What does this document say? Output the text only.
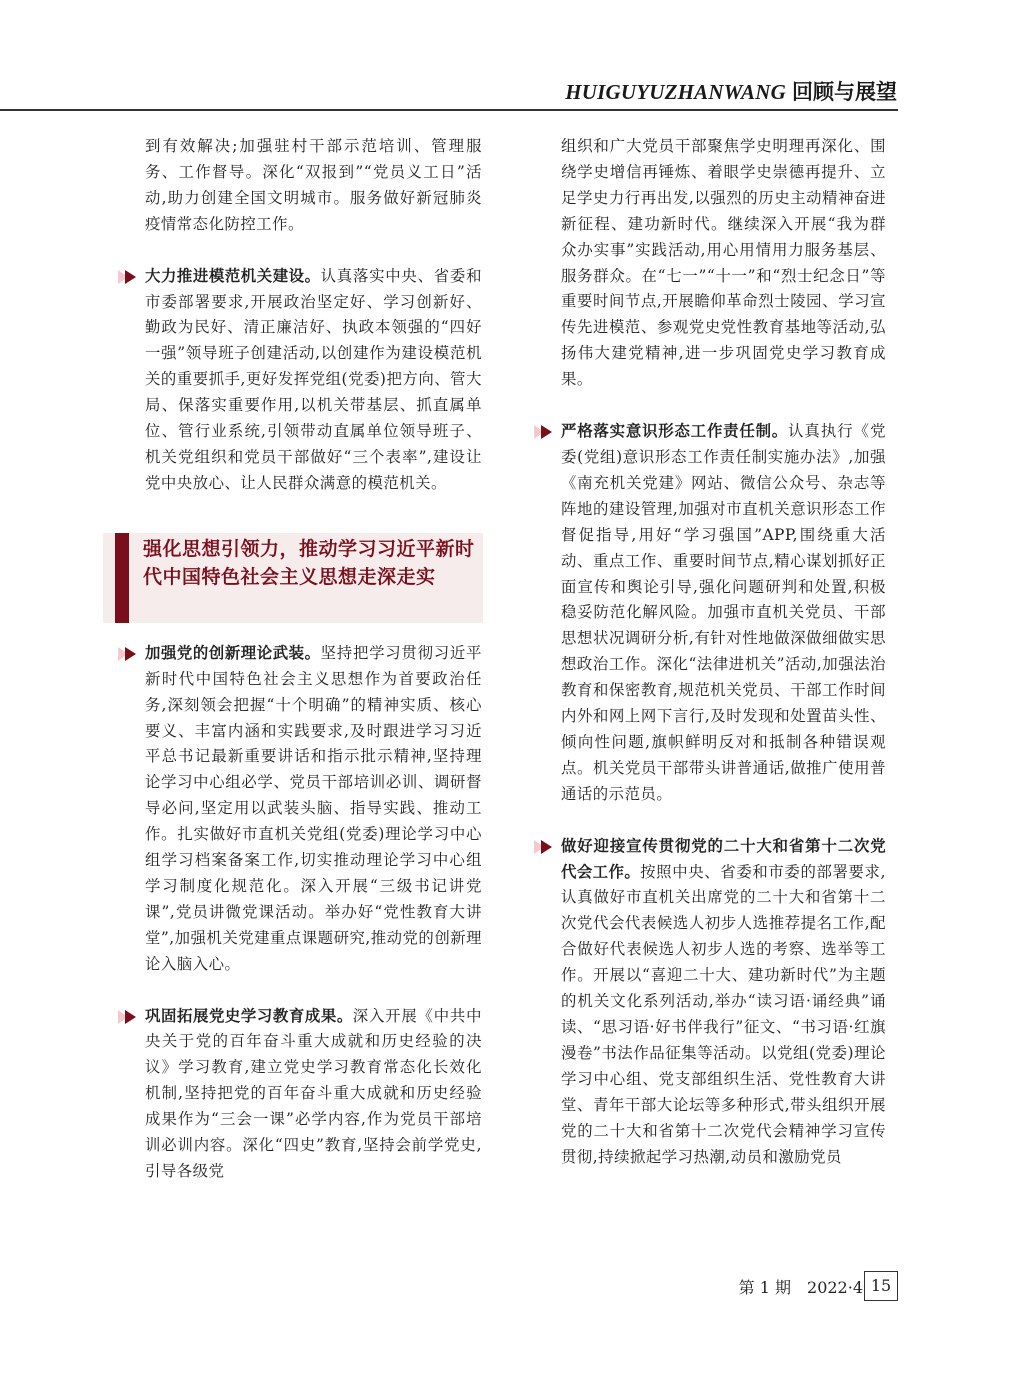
HUIGUYUZHANWANG 回顾与展望

到有效解决;加强驻村干部示范培训、管理服务、工作督导。深化“双报到”“党员义工日”活动,助力创建全国文明城市。服务做好新冠肺炎疫情常态化防控工作。

大力推进模范机关建设。认真落实中央、省委和市委部署要求,开展政治坚定好、学习创新好、勤政为民好、清正廉洁好、执政本领强的“四好一强”领导班子创建活动,以创建作为建设模范机关的重要抓手,更好发挥党组(党委)把方向、管大局、保落实重要作用,以机关带基层、抓直属单位、管行业系统,引领带动直属单位领导班子、机关党组织和党员干部做好“三个表率”,建设让党中央放心、让人民群众满意的模范机关。

强化思想引领力，推动学习习近平新时代中国特色社会主义思想走深走实

加强党的创新理论武装。坚持把学习贯彻习近平新时代中国特色社会主义思想作为首要政治任务,深刻领会把握“十个明确”的精神实质、核心要义、丰富内涵和实践要求,及时跟进学习习近平总书记最新重要讲话和指示批示精神,坚持理论学习中心组必学、党员干部培训必训、调研督导必问,坚定用以武装头脑、指导实践、推动工作。扎实做好市直机关党组(党委)理论学习中心组学习档案备案工作,切实推动理论学习中心组学习制度化规范化。深入开展“三级书记讲党课”,党员讲微党课活动。举办好“党性教育大讲堂”,加强机关党建重点课题研究,推动党的创新理论入脑入心。

巩固拓展党史学习教育成果。深入开展《中共中央关于党的百年奋斗重大成就和历史经验的决议》学习教育,建立党史学习教育常态化长效化机制,坚持把党的百年奋斗重大成就和历史经验成果作为“三会一课”必学内容,作为党员干部培训必训内容。深化“四史”教育,坚持会前学党史,引导各级党

组织和广大党员干部聚焦学史明理再深化、围绕学史增信再锤炼、着眼学史崇德再提升、立足学史力行再出发,以强烈的历史主动精神奋进新征程、建功新时代。继续深入开展“我为群众办实事”实践活动,用心用情用力服务基层、服务群众。在“七一”“十一”和“烈士纪念日”等重要时间节点,开展瞻仰革命烈士陵园、学习宣传先进模范、参观党史党性教育基地等活动,弘扬伟大建党精神,进一步巩固党史学习教育成果。

严格落实意识形态工作责任制。认真执行《党委(党组)意识形态工作责任制实施办法》,加强《南充机关党建》网站、微信公众号、杂志等阵地的建设管理,加强对市直机关意识形态工作督促指导,用好“学习强国”APP,围绕重大活动、重点工作、重要时间节点,精心谋划抓好正面宣传和舆论引导,强化问题研判和处置,积极稳妥防范化解风险。加强市直机关党员、干部思想状况调研分析,有针对性地做深做细做实思想政治工作。深化“法律进机关”活动,加强法治教育和保密教育,规范机关党员、干部工作时间内外和网上网下言行,及时发现和处置苗头性、倾向性问题,旗帜鲜明反对和抵制各种错误观点。机关党员干部带头讲普通话,做推广使用普通话的示范员。

做好迎接宣传贯彻党的二十大和省第十二次党代会工作。按照中央、省委和市委的部署要求,认真做好市直机关出席党的二十大和省第十二次党代会代表候选人初步人选推荐提名工作,配合做好代表候选人初步人选的考察、选举等工作。开展以“喜迎二十大、建功新时代”为主题的机关文化系列活动,举办“读习语·诵经典”诵读、“思习语·好书伴我行”征文、“书习语·红旗漫卷”书法作品征集等活动。以党组(党委)理论学习中心组、党支部组织生活、党性教育大讲堂、青年干部大论坛等多种形式,带头组织开展党的二十大和省第十二次党代会精神学习宣传贯彻,持续掀起学习热潮,动员和激励党员

第 1 期　2022·4 15
